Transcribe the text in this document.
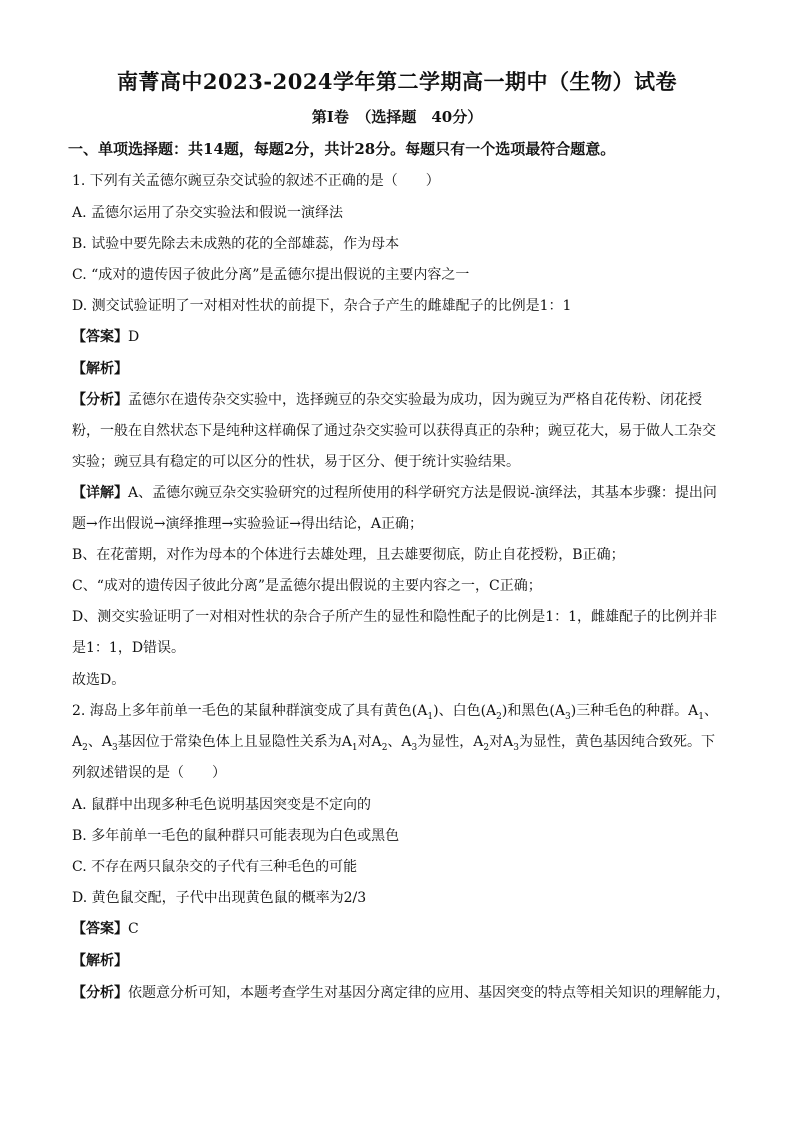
南菁高中2023-2024学年第二学期高一期中（生物）试卷
第Ⅰ卷　（选择题　40分）
一、单项选择题：共14题，每题2分，共计28分。每题只有一个选项最符合题意。
1. 下列有关孟德尔豌豆杂交试验的叙述不正确的是（　　）
A. 孟德尔运用了杂交实验法和假说一演绎法
B. 试验中要先除去未成熟的花的全部雄蕊，作为母本
C. “成对的遗传因子彼此分离”是孟德尔提出假说的主要内容之一
D. 测交试验证明了一对相对性状的前提下，杂合子产生的雌雄配子的比例是1：1
【答案】D
【解析】
【分析】孟德尔在遗传杂交实验中，选择豌豆的杂交实验最为成功，因为豌豆为严格自花传粉、闭花授
粉，一般在自然状态下是纯种这样确保了通过杂交实验可以获得真正的杂种；豌豆花大，易于做人工杂交
实验；豌豆具有稳定的可以区分的性状，易于区分、便于统计实验结果。
【详解】A、孟德尔豌豆杂交实验研究的过程所使用的科学研究方法是假说-演绎法，其基本步骤：提出问
题→作出假说→演绎推理→实验验证→得出结论，A正确；
B、在花蕾期，对作为母本的个体进行去雄处理，且去雄要彻底，防止自花授粉，B正确；
C、“成对的遗传因子彼此分离”是孟德尔提出假说的主要内容之一，C正确；
D、测交实验证明了一对相对性状的杂合子所产生的显性和隐性配子的比例是1：1，雌雄配子的比例并非
是1：1，D错误。
故选D。
2. 海岛上多年前单一毛色的某鼠种群演变成了具有黄色$(A_1)$、白色$(A_2)$和黑色$(A_3)$三种毛色的种群。$A_1$、
$A_2$、$A_3$基因位于常染色体上且显隐性关系为$A_1$对$A_2$、$A_3$为显性，$A_2$对$A_3$为显性，黄色基因纯合致死。下
列叙述错误的是（　　）
A. 鼠群中出现多种毛色说明基因突变是不定向的
B. 多年前单一毛色的鼠种群只可能表现为白色或黑色
C. 不存在两只鼠杂交的子代有三种毛色的可能
D. 黄色鼠交配，子代中出现黄色鼠的概率为2/3
【答案】C
【解析】
【分析】依题意分析可知，本题考查学生对基因分离定律的应用、基因突变的特点等相关知识的理解能力，
